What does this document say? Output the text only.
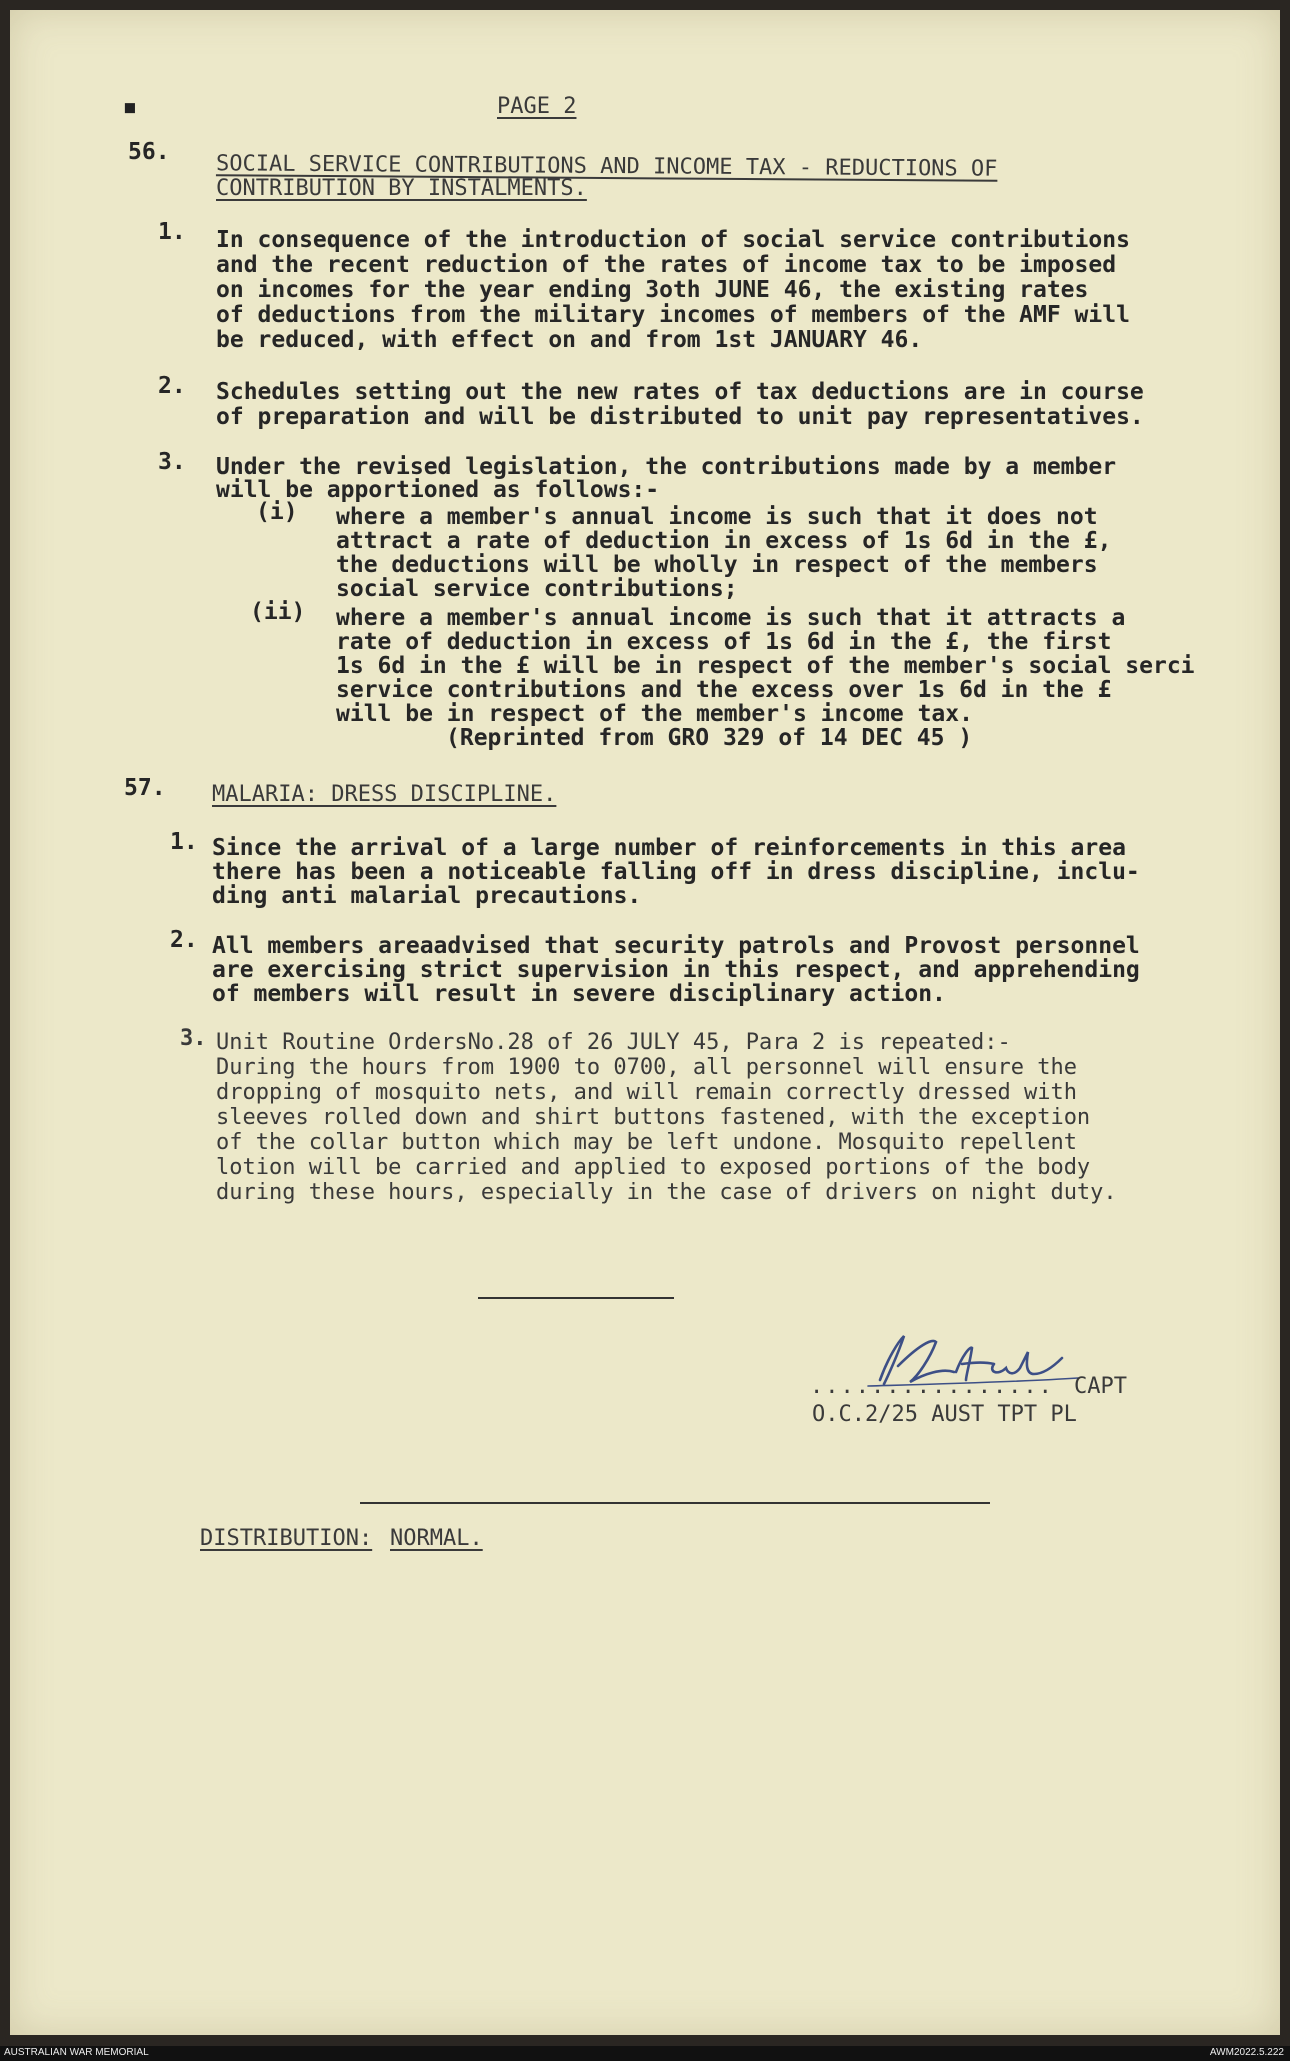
▪	PAGE 2
56. SOCIAL SERVICE CONTRIBUTIONS AND INCOME TAX - REDUCTIONS OF
CONTRIBUTION BY INSTALMENTS.
1. In consequence of the introduction of social service contributions
and the recent reduction of the rates of income tax to be imposed
on incomes for the year ending 3oth JUNE 46, the existing rates
of deductions from the military incomes of members of the AMF will
be reduced, with effect on and from 1st JANUARY 46.
2. Schedules setting out the new rates of tax deductions are in course
of preparation and will be distributed to unit pay representatives.
3. Under the revised legislation, the contributions made by a member
will be apportioned as follows:-
(i) where a member's annual income is such that it does not
attract a rate of deduction in excess of 1s 6d in the £,
the deductions will be wholly in respect of the members
social service contributions;
(ii) where a member's annual income is such that it attracts a
rate of deduction in excess of 1s 6d in the £, the first
1s 6d in the £ will be in respect of the member's social serci
service contributions and the excess over 1s 6d in the £
will be in respect of the member's income tax.
(Reprinted from GRO 329 of 14 DEC 45 )
57. MALARIA: DRESS DISCIPLINE.
1. Since the arrival of a large number of reinforcements in this area
there has been a noticeable falling off in dress discipline, inclu-
ding anti malarial precautions.
2. All members areaadvised that security patrols and Provost personnel
are exercising strict supervision in this respect, and apprehending
of members will result in severe disciplinary action.
3. Unit Routine OrdersNo.28 of 26 JULY 45, Para 2 is repeated:-
During the hours from 1900 to 0700, all personnel will ensure the
dropping of mosquito nets, and will remain correctly dressed with
sleeves rolled down and shirt buttons fastened, with the exception
of the collar button which may be left undone. Mosquito repellent
lotion will be carried and applied to exposed portions of the body
during these hours, especially in the case of drivers on night duty.
................ CAPT
O.C.2/25 AUST TPT PL
DISTRIBUTION: NORMAL.
AUSTRALIAN WAR MEMORIAL	AWM2022.5.222
